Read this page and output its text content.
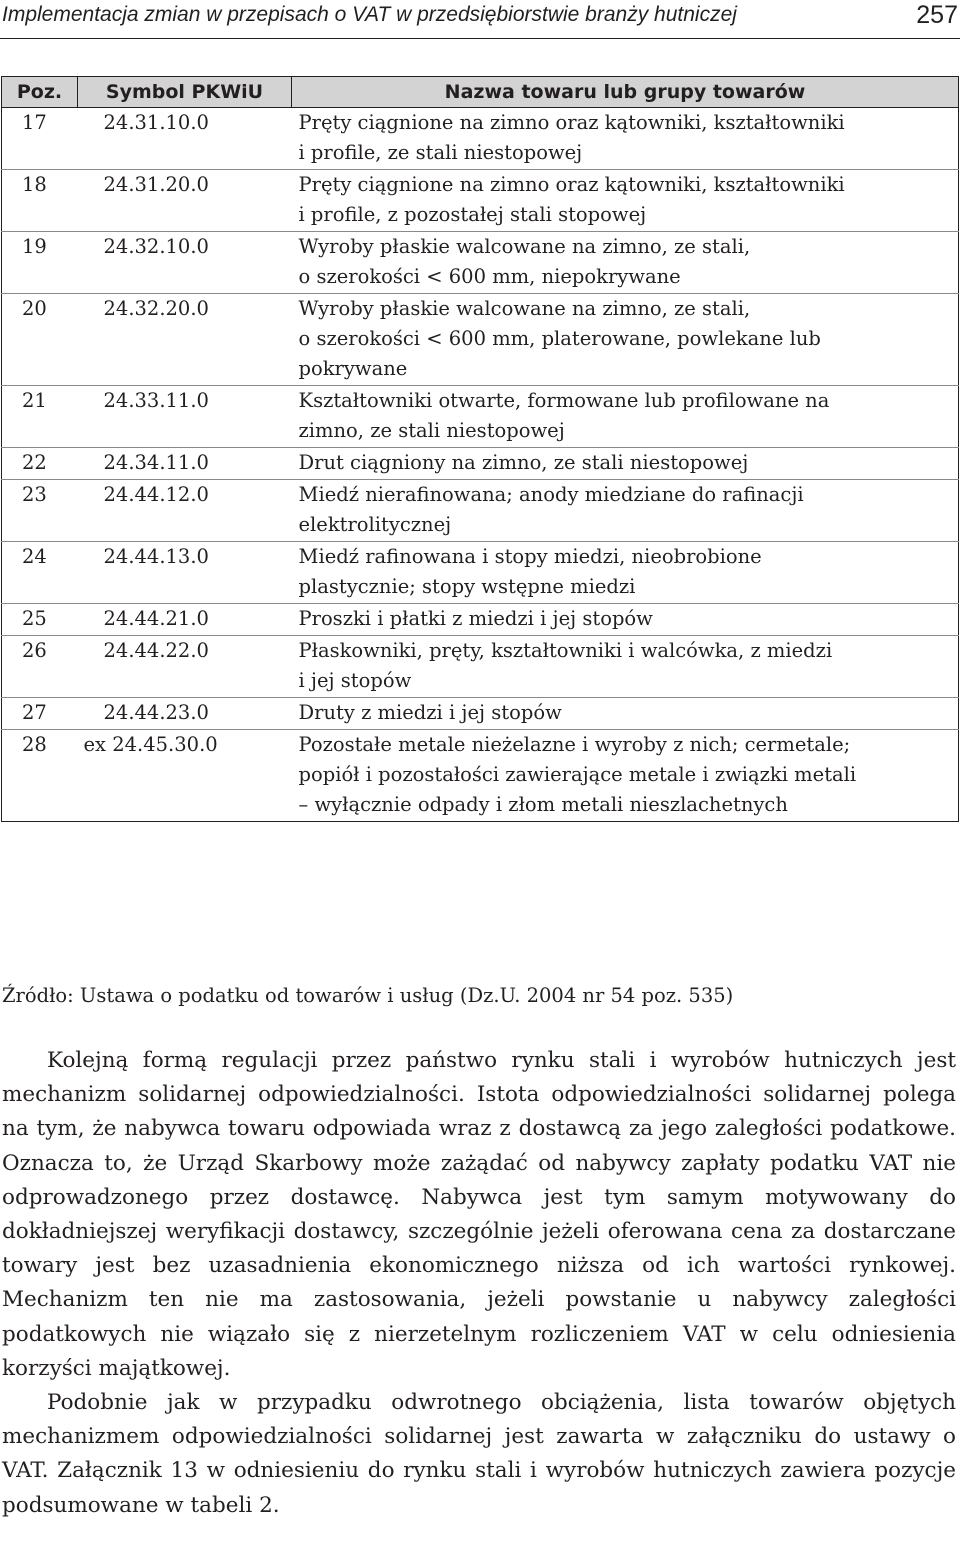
Implementacja zmian w przepisach o VAT w przedsiębiorstwie branży hutniczej	257
Poz.	Symbol PKWiU	Nazwa towaru lub grupy towarów
17	24.31.10.0	Pręty ciągnione na zimno oraz kątowniki, kształtowniki
i profile, ze stali niestopowej

18	24.31.20.0	Pręty ciągnione na zimno oraz kątowniki, kształtowniki
i profile, z pozostałej stali stopowej

19	24.32.10.0	Wyroby płaskie walcowane na zimno, ze stali,
o szerokości < 600 mm, niepokrywane

20	24.32.20.0	Wyroby płaskie walcowane na zimno, ze stali,
o szerokości < 600 mm, platerowane, powlekane lub
pokrywane

21	24.33.11.0	Kształtowniki otwarte, formowane lub profilowane na
zimno, ze stali niestopowej

22	24.34.11.0	Drut ciągniony na zimno, ze stali niestopowej

23	24.44.12.0	Miedź nierafinowana; anody miedziane do rafinacji
elektrolitycznej

24	24.44.13.0	Miedź rafinowana i stopy miedzi, nieobrobione
plastycznie; stopy wstępne miedzi

25	24.44.21.0	Proszki i płatki z miedzi i jej stopów

26	24.44.22.0	Płaskowniki, pręty, kształtowniki i walcówka, z miedzi
i jej stopów

27	24.44.23.0	Druty z miedzi i jej stopów

28	ex 24.45.30.0	Pozostałe metale nieżelazne i wyroby z nich; cermetale;
popiół i pozostałości zawierające metale i związki metali
– wyłącznie odpady i złom metali nieszlachetnych
Źródło: Ustawa o podatku od towarów i usług (Dz.U. 2004 nr 54 poz. 535)

Kolejną formą regulacji przez państwo rynku stali i wyrobów hutniczych jest mechanizm solidarnej odpowiedzialności. Istota odpowiedzialności solidarnej polega na tym, że nabywca towaru odpowiada wraz z dostawcą za jego zaległości podatkowe. Oznacza to, że Urząd Skarbowy może zażądać od nabywcy zapłaty podatku VAT nie odprowadzonego przez dostawcę. Nabywca jest tym samym motywowany do dokładniejszej weryfikacji dostawcy, szczególnie jeżeli oferowana cena za dostarczane towary jest bez uzasadnienia ekonomicznego niższa od ich wartości rynkowej. Mechanizm ten nie ma zastosowania, jeżeli powstanie u nabywcy zaległości podatkowych nie wiązało się z nierzetelnym rozliczeniem VAT w celu odniesienia korzyści majątkowej.

Podobnie jak w przypadku odwrotnego obciążenia, lista towarów objętych mechanizmem odpowiedzialności solidarnej jest zawarta w załączniku do ustawy o VAT. Załącznik 13 w odniesieniu do rynku stali i wyrobów hutniczych zawiera pozycje podsumowane w tabeli 2.
